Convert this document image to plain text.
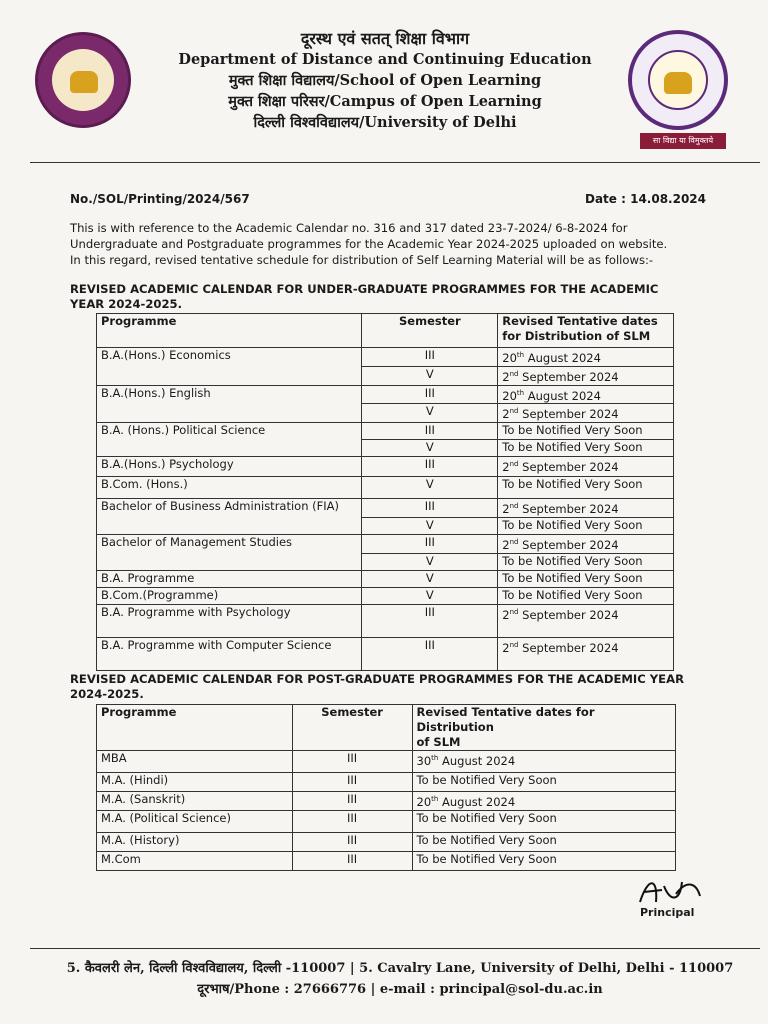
दूरस्थ एवं सतत् शिक्षा विभाग
Department of Distance and Continuing Education
मुक्त शिक्षा विद्यालय/School of Open Learning
मुक्त शिक्षा परिसर/Campus of Open Learning
दिल्ली विश्वविद्यालय/University of Delhi
सा विद्या या विमुक्तये
No./SOL/Printing/2024/567	Date : 14.08.2024
This is with reference to the Academic Calendar no. 316 and 317 dated 23-7-2024/ 6-8-2024 for
Undergraduate and Postgraduate programmes for the Academic Year 2024-2025 uploaded on website.
In this regard, revised tentative schedule for distribution of Self Learning Material will be as follows:-
REVISED ACADEMIC CALENDAR FOR UNDER-GRADUATE PROGRAMMES FOR THE ACADEMIC
YEAR 2024-2025.
Programme	Semester	Revised Tentative dates
for Distribution of SLM

B.A.(Hons.) Economics	III	20th August 2024
	V	2nd September 2024
B.A.(Hons.) English	III	20th August 2024
	V	2nd September 2024
B.A. (Hons.) Political Science	III	To be Notified Very Soon
	V	To be Notified Very Soon
B.A.(Hons.) Psychology	III	2nd September 2024
B.Com. (Hons.)	V	To be Notified Very Soon
Bachelor of Business Administration (FIA)	III	2nd September 2024
	V	To be Notified Very Soon
Bachelor of Management Studies	III	2nd September 2024
	V	To be Notified Very Soon
B.A. Programme	V	To be Notified Very Soon
B.Com.(Programme)	V	To be Notified Very Soon
B.A. Programme with Psychology	III	2nd September 2024
B.A. Programme with Computer Science	III	2nd September 2024
REVISED ACADEMIC CALENDAR FOR POST-GRADUATE PROGRAMMES FOR THE ACADEMIC YEAR
2024-2025.
Programme	Semester	Revised Tentative dates for Distribution
of SLM

MBA	III	30th August 2024
M.A. (Hindi)	III	To be Notified Very Soon
M.A. (Sanskrit)	III	20th August 2024
M.A. (Political Science)	III	To be Notified Very Soon
M.A. (History)	III	To be Notified Very Soon
M.Com	III	To be Notified Very Soon
Principal
5. कैवलरी लेन, दिल्ली विश्वविद्यालय, दिल्ली -110007 | 5. Cavalry Lane, University of Delhi, Delhi - 110007
दूरभाष/Phone : 27666776 | e-mail : principal@sol-du.ac.in
